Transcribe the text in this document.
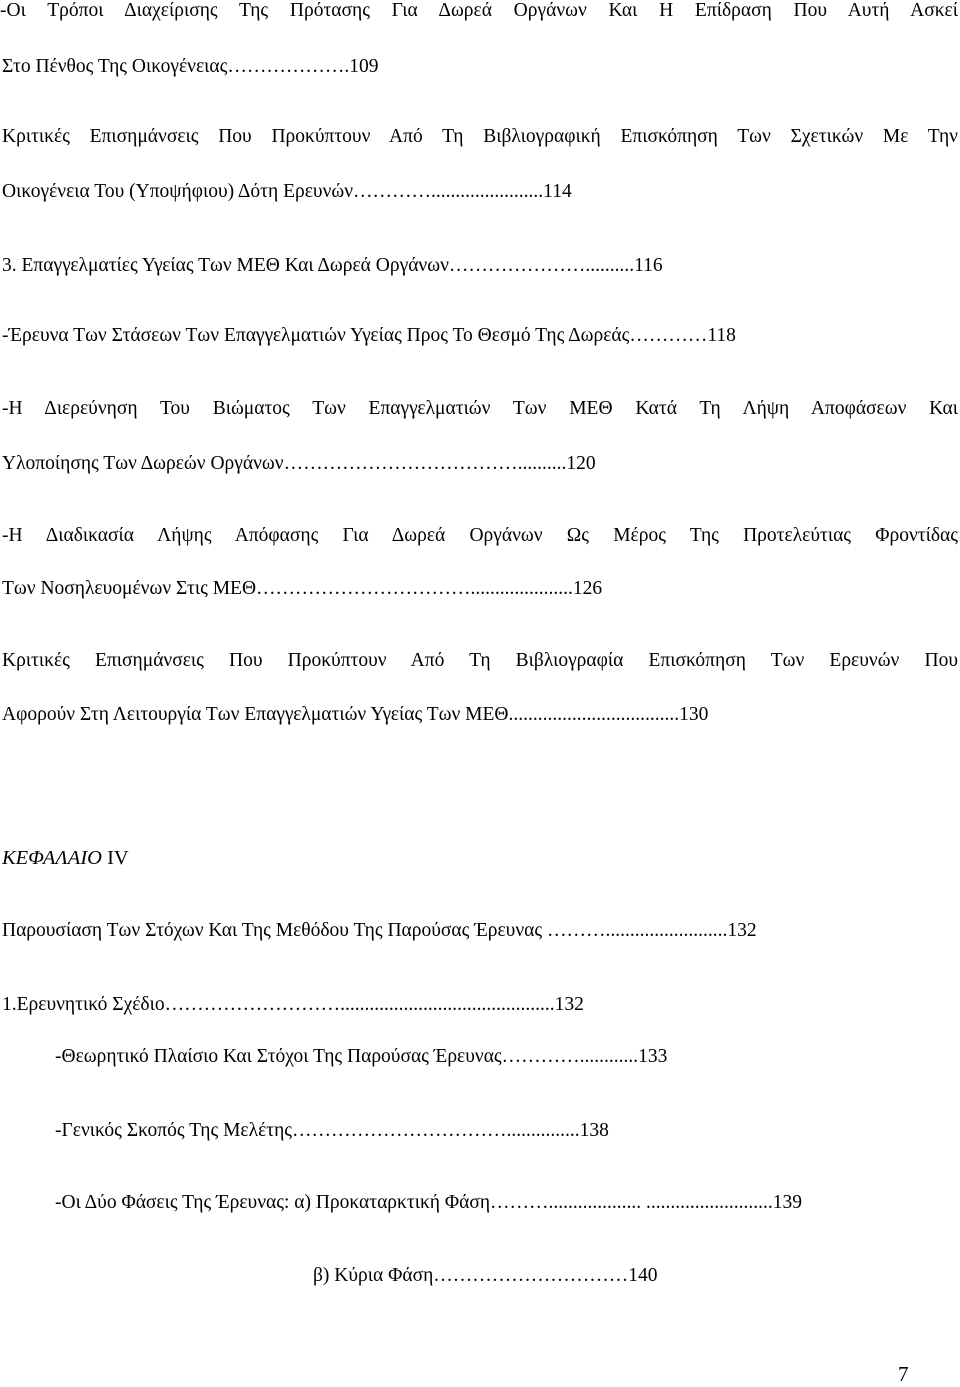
-Οι Τρόποι Διαχείρισης Της Πρότασης Για Δωρεά Οργάνων Και Η Επίδραση Που Αυτή Ασκεί
Στο Πένθος Της Οικογένειας……………….109
Κριτικές Επισημάνσεις Που Προκύπτουν Από Τη Βιβλιογραφική Επισκόπηση Των Σχετικών Με Την
Οικογένεια Του (Υποψήφιου) Δότη Ερευνών………….......................114
3. Επαγγελματίες Υγείας Των ΜΕΘ Και Δωρεά Οργάνων…………………..........116
-Έρευνα Των Στάσεων Των Επαγγελματιών Υγείας Προς Το Θεσμό Της Δωρεάς…………118
-Η Διερεύνηση Του Βιώματος Των Επαγγελματιών Των ΜΕΘ Κατά Τη Λήψη Αποφάσεων Και
Υλοποίησης Των Δωρεών Οργάνων………………………………..........120
-Η Διαδικασία Λήψης Απόφασης Για Δωρεά Οργάνων Ως Μέρος Της Προτελεύτιας Φροντίδας
Των Νοσηλευομένων Στις ΜΕΘ…………………………….....................126
Κριτικές Επισημάνσεις Που Προκύπτουν Από Τη Βιβλιογραφία Επισκόπηση Των Ερευνών Που
Αφορούν Στη Λειτουργία Των Επαγγελματιών Υγείας Των ΜΕΘ...................................130
ΚΕΦΑΛΑΙΟ IV
Παρουσίαση Των Στόχων Και Της Μεθόδου Της Παρούσας Έρευνας ……….........................132
1.Ερευνητικό Σχέδιο………………………............................................132
-Θεωρητικό Πλαίσιο Και Στόχοι Της Παρούσας Έρευνας…………............133
-Γενικός Σκοπός Της Μελέτης……………………………...............138
-Οι Δύο Φάσεις Της Έρευνας: α) Προκαταρκτική Φάση………................... ..........................139
β) Κύρια Φάση…………………………140
7
